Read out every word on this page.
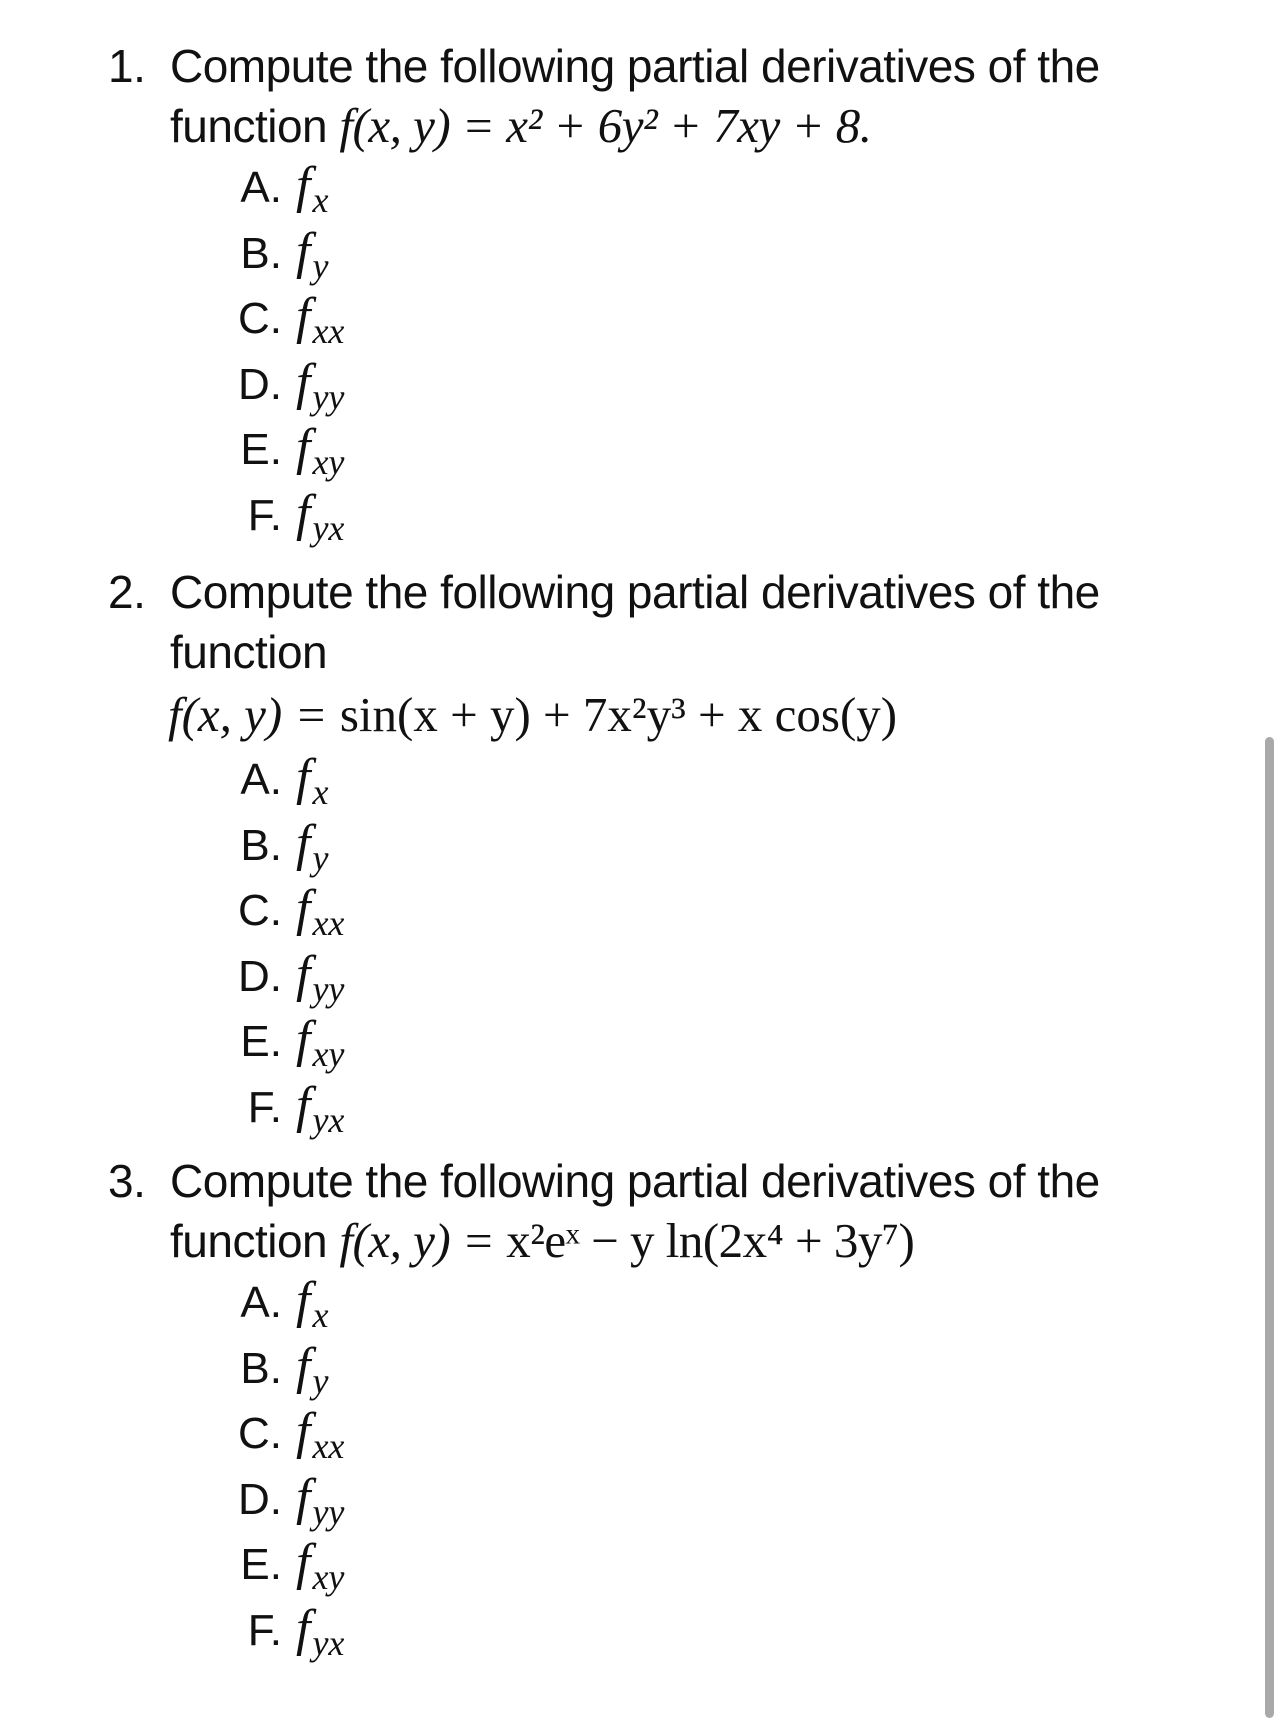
1. Compute the following partial derivatives of the
function f(x, y) = x² + 6y² + 7xy + 8.
A. fx
B. fy
C. fxx
D. fyy
E. fxy
F. fyx
2. Compute the following partial derivatives of the
function
f(x, y) = sin(x + y) + 7x²y³ + x cos(y)
A. fx
B. fy
C. fxx
D. fyy
E. fxy
F. fyx
3. Compute the following partial derivatives of the
function f(x, y) = x²eˣ − y ln(2x⁴ + 3y⁷)
A. fx
B. fy
C. fxx
D. fyy
E. fxy
F. fyx
